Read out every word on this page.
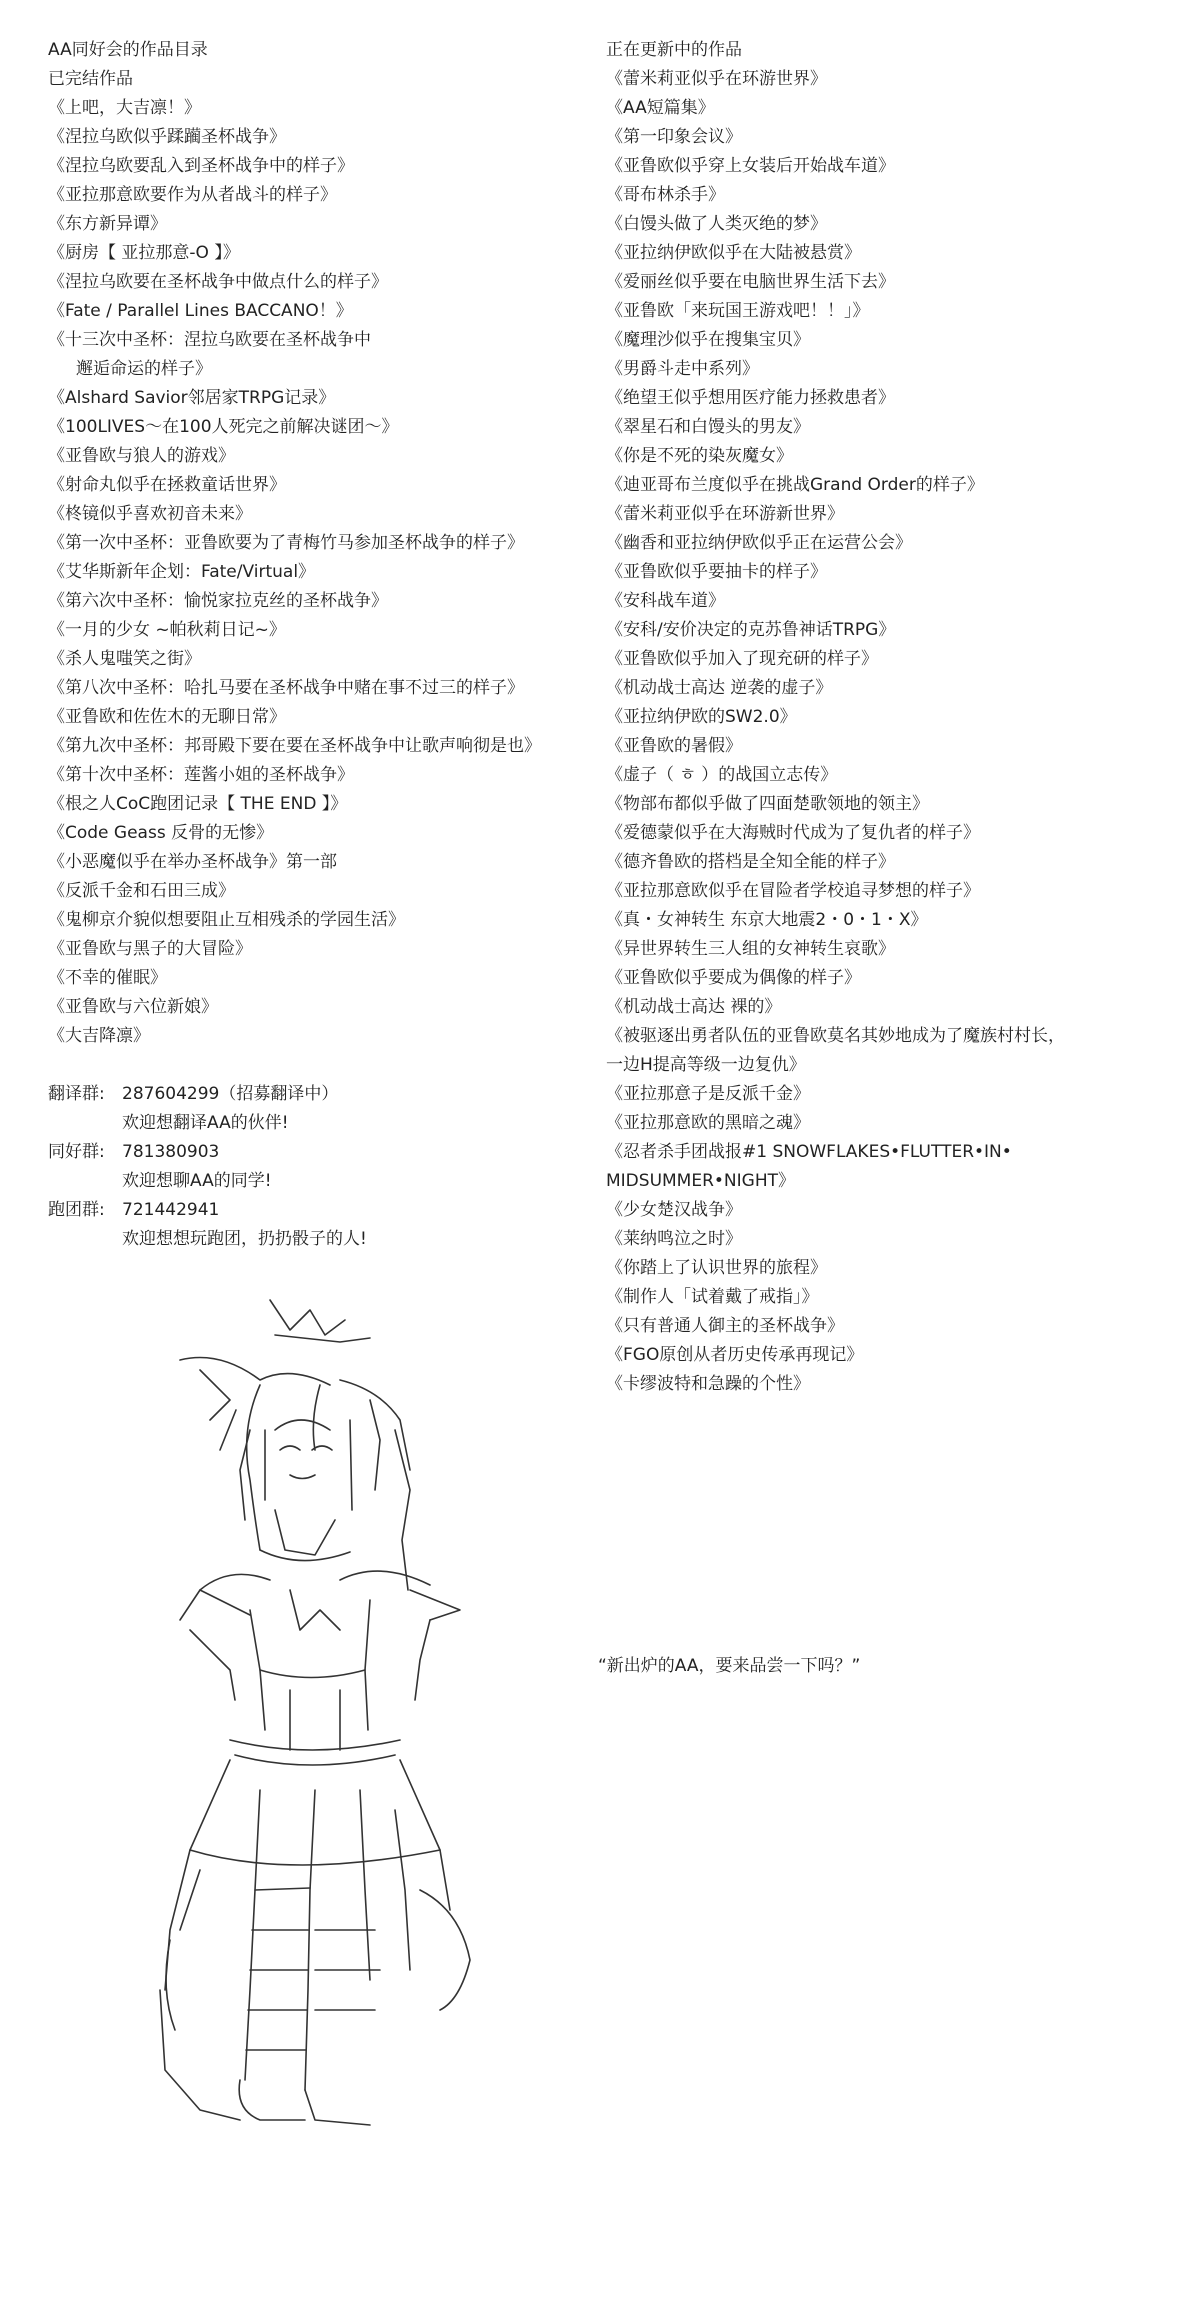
AA同好会的作品目录
已完结作品
《上吧，大吉凛！》
《涅拉乌欧似乎蹂躏圣杯战争》
《涅拉乌欧要乱入到圣杯战争中的样子》
《亚拉那意欧要作为从者战斗的样子》
《东方新异谭》
《厨房【 亚拉那意-O 】》
《涅拉乌欧要在圣杯战争中做点什么的样子》
《Fate / Parallel Lines BACCANO！》
《十三次中圣杯：涅拉乌欧要在圣杯战争中
邂逅命运的样子》
《Alshard Savior邻居家TRPG记录》
《100LIVES～在100人死完之前解决谜团～》
《亚鲁欧与狼人的游戏》
《射命丸似乎在拯救童话世界》
《柊镜似乎喜欢初音未来》
《第一次中圣杯：亚鲁欧要为了青梅竹马参加圣杯战争的样子》
《艾华斯新年企划：Fate/Virtual》
《第六次中圣杯：愉悦家拉克丝的圣杯战争》
《一月的少女 ~帕秋莉日记~》
《杀人鬼嗤笑之街》
《第八次中圣杯：哈扎马要在圣杯战争中赌在事不过三的样子》
《亚鲁欧和佐佐木的无聊日常》
《第九次中圣杯：邦哥殿下要在要在圣杯战争中让歌声响彻是也》
《第十次中圣杯：莲酱小姐的圣杯战争》
《根之人CoC跑团记录【 THE END 】》
《Code Geass 反骨的无惨》
《小恶魔似乎在举办圣杯战争》第一部
《反派千金和石田三成》
《鬼柳京介貌似想要阻止互相残杀的学园生活》
《亚鲁欧与黑子的大冒险》
《不幸的催眠》
《亚鲁欧与六位新娘》
《大吉降凛》
翻译群:	287604299（招募翻译中）
欢迎想翻译AA的伙伴!
同好群:	781380903
欢迎想聊AA的同学!
跑团群:	721442941
欢迎想想玩跑团，扔扔骰子的人!
正在更新中的作品
《蕾米莉亚似乎在环游世界》
《AA短篇集》
《第一印象会议》
《亚鲁欧似乎穿上女装后开始战车道》
《哥布林杀手》
《白馒头做了人类灭绝的梦》
《亚拉纳伊欧似乎在大陆被悬赏》
《爱丽丝似乎要在电脑世界生活下去》
《亚鲁欧「来玩国王游戏吧！！」》
《魔理沙似乎在搜集宝贝》
《男爵斗走中系列》
《绝望王似乎想用医疗能力拯救患者》
《翠星石和白馒头的男友》
《你是不死的染灰魔女》
《迪亚哥布兰度似乎在挑战Grand Order的样子》
《蕾米莉亚似乎在环游新世界》
《幽香和亚拉纳伊欧似乎正在运营公会》
《亚鲁欧似乎要抽卡的样子》
《安科战车道》
《安科/安价决定的克苏鲁神话TRPG》
《亚鲁欧似乎加入了现充研的样子》
《机动战士高达 逆袭的虚子》
《亚拉纳伊欧的SW2.0》
《亚鲁欧的暑假》
《虚子（ ㅎ ）的战国立志传》
《物部布都似乎做了四面楚歌领地的领主》
《爱德蒙似乎在大海贼时代成为了复仇者的样子》
《德齐鲁欧的搭档是全知全能的样子》
《亚拉那意欧似乎在冒险者学校追寻梦想的样子》
《真・女神转生 东京大地震2・0・1・X》
《异世界转生三人组的女神转生哀歌》
《亚鲁欧似乎要成为偶像的样子》
《机动战士高达 裸的》
《被驱逐出勇者队伍的亚鲁欧莫名其妙地成为了魔族村村长，
一边H提高等级一边复仇》
《亚拉那意子是反派千金》
《亚拉那意欧的黑暗之魂》
《忍者杀手团战报#1 SNOWFLAKES•FLUTTER•IN•
MIDSUMMER•NIGHT》
《少女楚汉战争》
《莱纳鸣泣之时》
《你踏上了认识世界的旅程》
《制作人「试着戴了戒指」》
《只有普通人御主的圣杯战争》
《FGO原创从者历史传承再现记》
《卡缪波特和急躁的个性》
“新出炉的AA，要来品尝一下吗？”
